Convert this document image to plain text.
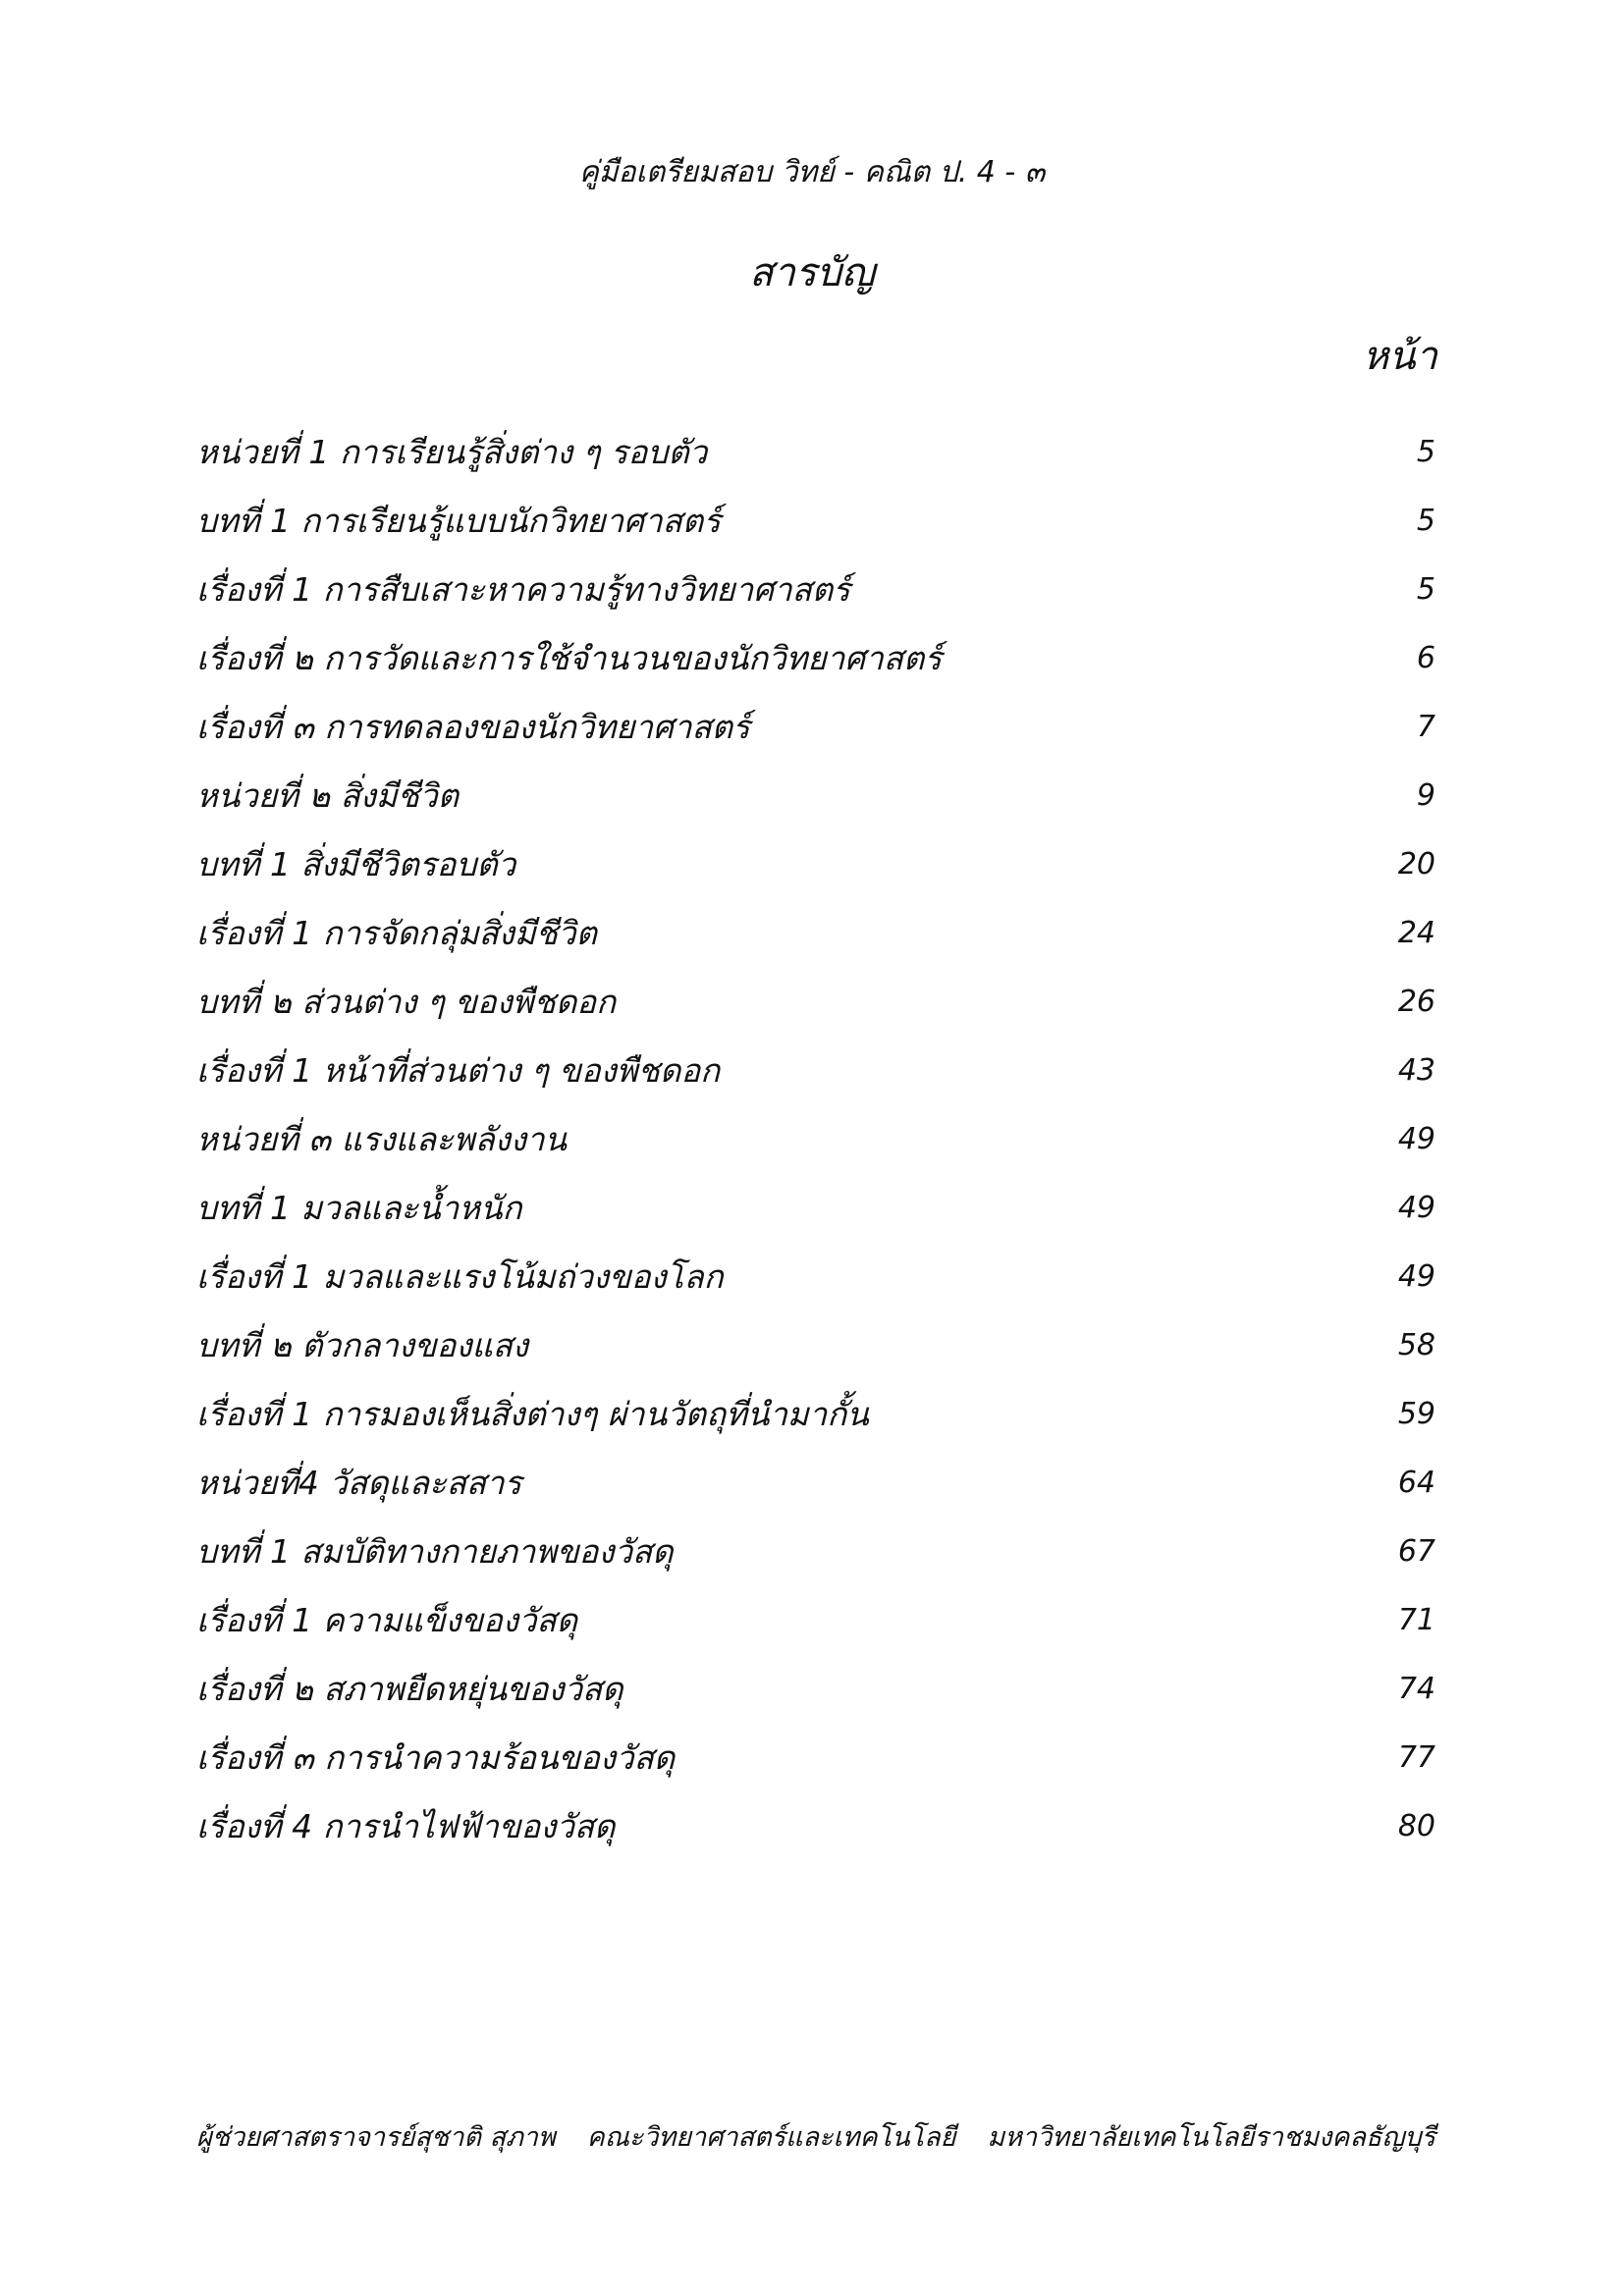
คู่มือเตรียมสอบ วิทย์ - คณิต ป. 4 - ๓
สารบัญ
หน้า
หน่วยที่ 1 การเรียนรู้สิ่งต่าง ๆ รอบตัว	5
บทที่ 1 การเรียนรู้แบบนักวิทยาศาสตร์	5
เรื่องที่ 1 การสืบเสาะหาความรู้ทางวิทยาศาสตร์	5
เรื่องที่ ๒ การวัดและการใช้จำนวนของนักวิทยาศาสตร์	6
เรื่องที่ ๓ การทดลองของนักวิทยาศาสตร์	7
หน่วยที่ ๒ สิ่งมีชีวิต	9
บทที่ 1 สิ่งมีชีวิตรอบตัว	20
เรื่องที่ 1 การจัดกลุ่มสิ่งมีชีวิต	24
บทที่ ๒ ส่วนต่าง ๆ ของพืชดอก	26
เรื่องที่ 1 หน้าที่ส่วนต่าง ๆ ของพืชดอก	43
หน่วยที่ ๓ แรงและพลังงาน	49
บทที่ 1 มวลและน้ำหนัก	49
เรื่องที่ 1 มวลและแรงโน้มถ่วงของโลก	49
บทที่ ๒ ตัวกลางของแสง	58
เรื่องที่ 1 การมองเห็นสิ่งต่างๆ ผ่านวัตถุที่นำมากั้น	59
หน่วยที่4 วัสดุและสสาร	64
บทที่ 1 สมบัติทางกายภาพของวัสดุ	67
เรื่องที่ 1 ความแข็งของวัสดุ	71
เรื่องที่ ๒ สภาพยืดหยุ่นของวัสดุ	74
เรื่องที่ ๓ การนำความร้อนของวัสดุ	77
เรื่องที่ 4 การนำไฟฟ้าของวัสดุ	80
ผู้ช่วยศาสตราจารย์สุชาติ สุภาพ คณะวิทยาศาสตร์และเทคโนโลยี มหาวิทยาลัยเทคโนโลยีราชมงคลธัญบุรี
